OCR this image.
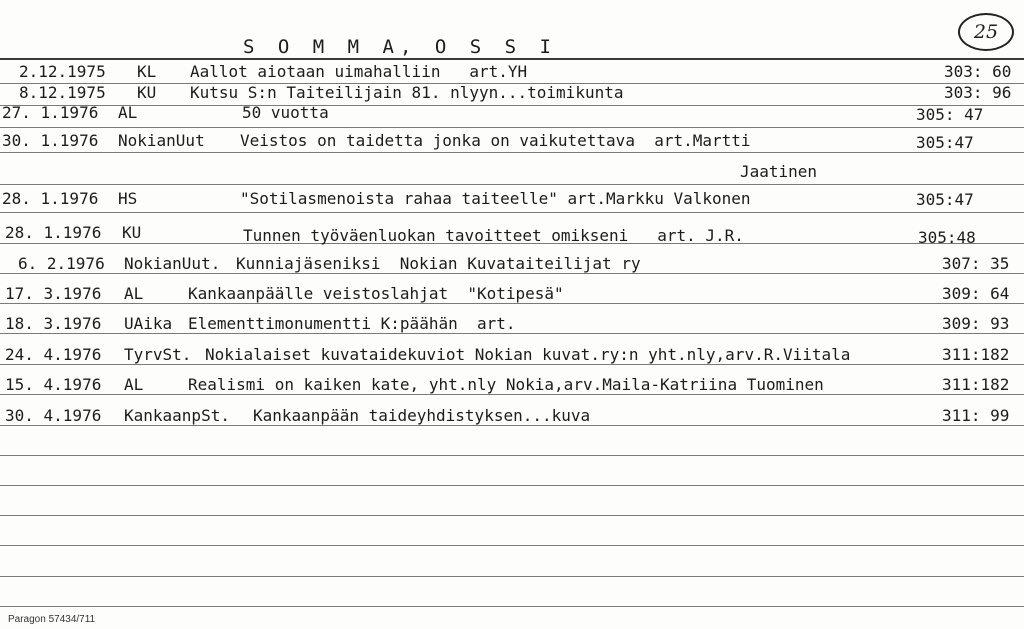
S O M M A, O S S I
25
2.12.1975 KL Aallot aiotaan uimahalliin   art.YH	303: 60
8.12.1975 KU Kutsu S:n Taiteilijain 81. nlyyn...toimikunta	303: 96
27. 1.1976 AL	50 vuotta	305: 47
30. 1.1976 NokianUut Veistos on taidetta jonka on vaikutettava  art.Martti	305:47
Jaatinen
28. 1.1976 HS	"Sotilasmenoista rahaa taiteelle" art.Markku Valkonen	305:47
28. 1.1976 KU	Tunnen työväenluokan tavoitteet omikseni   art. J.R.	305:48
6. 2.1976 NokianUut. Kunniajäseniksi  Nokian Kuvataiteilijat ry	307: 35
17. 3.1976 AL	Kankaanpäälle veistoslahjat  "Kotipesä"	309: 64
18. 3.1976 UAika Elementtimonumentti K:päähän  art.	309: 93
24. 4.1976 TyrvSt. Nokialaiset kuvataidekuviot Nokian kuvat.ry:n yht.nly,arv.R.Viitala	311:182
15. 4.1976 AL	Realismi on kaiken kate, yht.nly Nokia,arv.Maila-Katriina Tuominen	311:182
30. 4.1976 KankaanpSt. Kankaanpään taideyhdistyksen...kuva	311: 99
Paragon 57434/711
